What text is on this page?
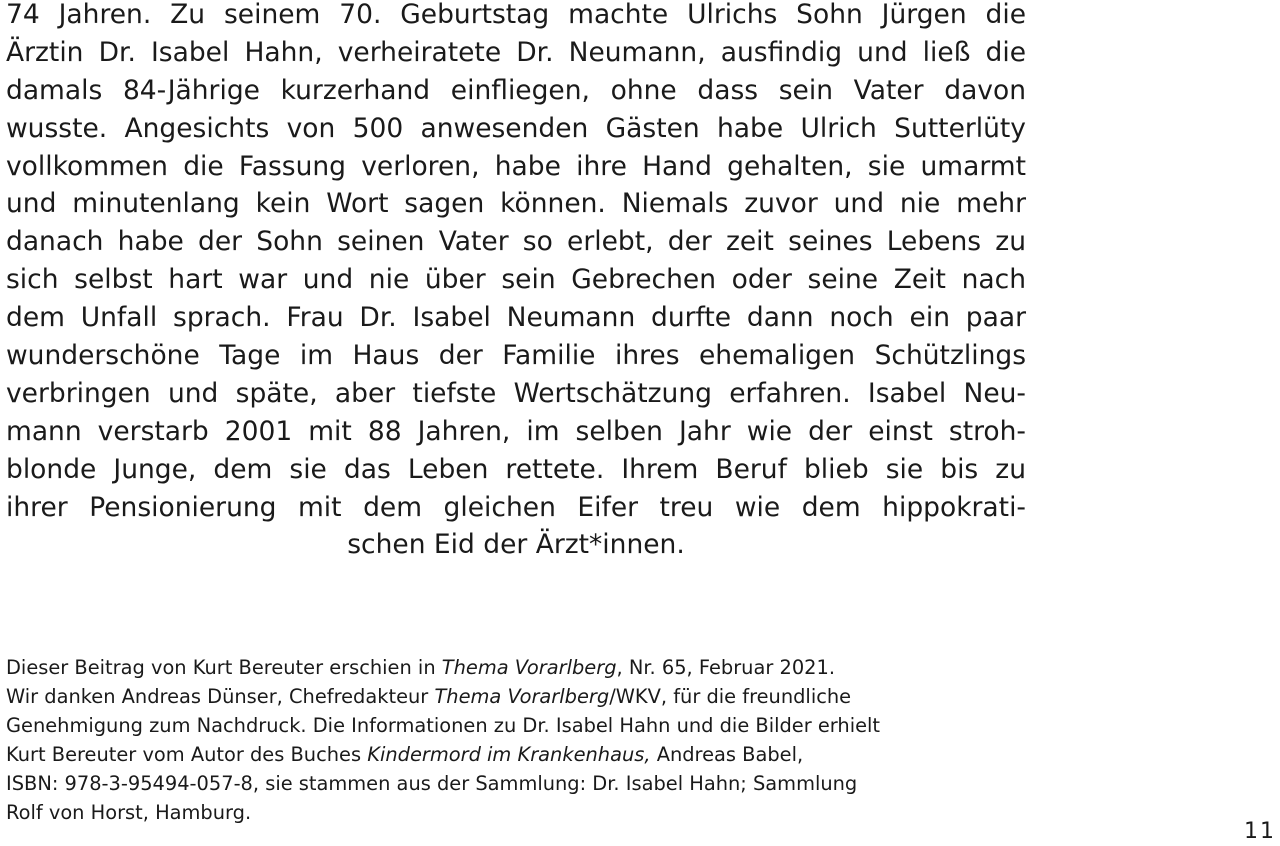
74 Jahren. Zu seinem 70. Geburtstag machte Ulrichs Sohn Jürgen die
Ärztin Dr. Isabel Hahn, verheiratete Dr. Neumann, ausfindig und ließ die
damals 84-Jährige kurzerhand einfliegen, ohne dass sein Vater davon
wusste. Angesichts von 500 anwesenden Gästen habe Ulrich Sutterlüty
vollkommen die Fassung verloren, habe ihre Hand gehalten, sie umarmt
und minutenlang kein Wort sagen können. Niemals zuvor und nie mehr
danach habe der Sohn seinen Vater so erlebt, der zeit seines Lebens zu
sich selbst hart war und nie über sein Gebrechen oder seine Zeit nach
dem Unfall sprach. Frau Dr. Isabel Neumann durfte dann noch ein paar
wunderschöne Tage im Haus der Familie ihres ehemaligen Schützlings
verbringen und späte, aber tiefste Wertschätzung erfahren. Isabel Neu-
mann verstarb 2001 mit 88 Jahren, im selben Jahr wie der einst stroh-
blonde Junge, dem sie das Leben rettete. Ihrem Beruf blieb sie bis zu
ihrer Pensionierung mit dem gleichen Eifer treu wie dem hippokrati-
schen Eid der Ärzt*innen.
Dieser Beitrag von Kurt Bereuter erschien in Thema Vorarlberg, Nr. 65, Februar 2021.
Wir danken Andreas Dünser, Chefredakteur Thema Vorarlberg/WKV, für die freundliche
Genehmigung zum Nachdruck. Die Informationen zu Dr. Isabel Hahn und die Bilder erhielt
Kurt Bereuter vom Autor des Buches Kindermord im Krankenhaus, Andreas Babel,
ISBN: 978-3-95494-057-8, sie stammen aus der Sammlung: Dr. Isabel Hahn; Sammlung
Rolf von Horst, Hamburg.
11
